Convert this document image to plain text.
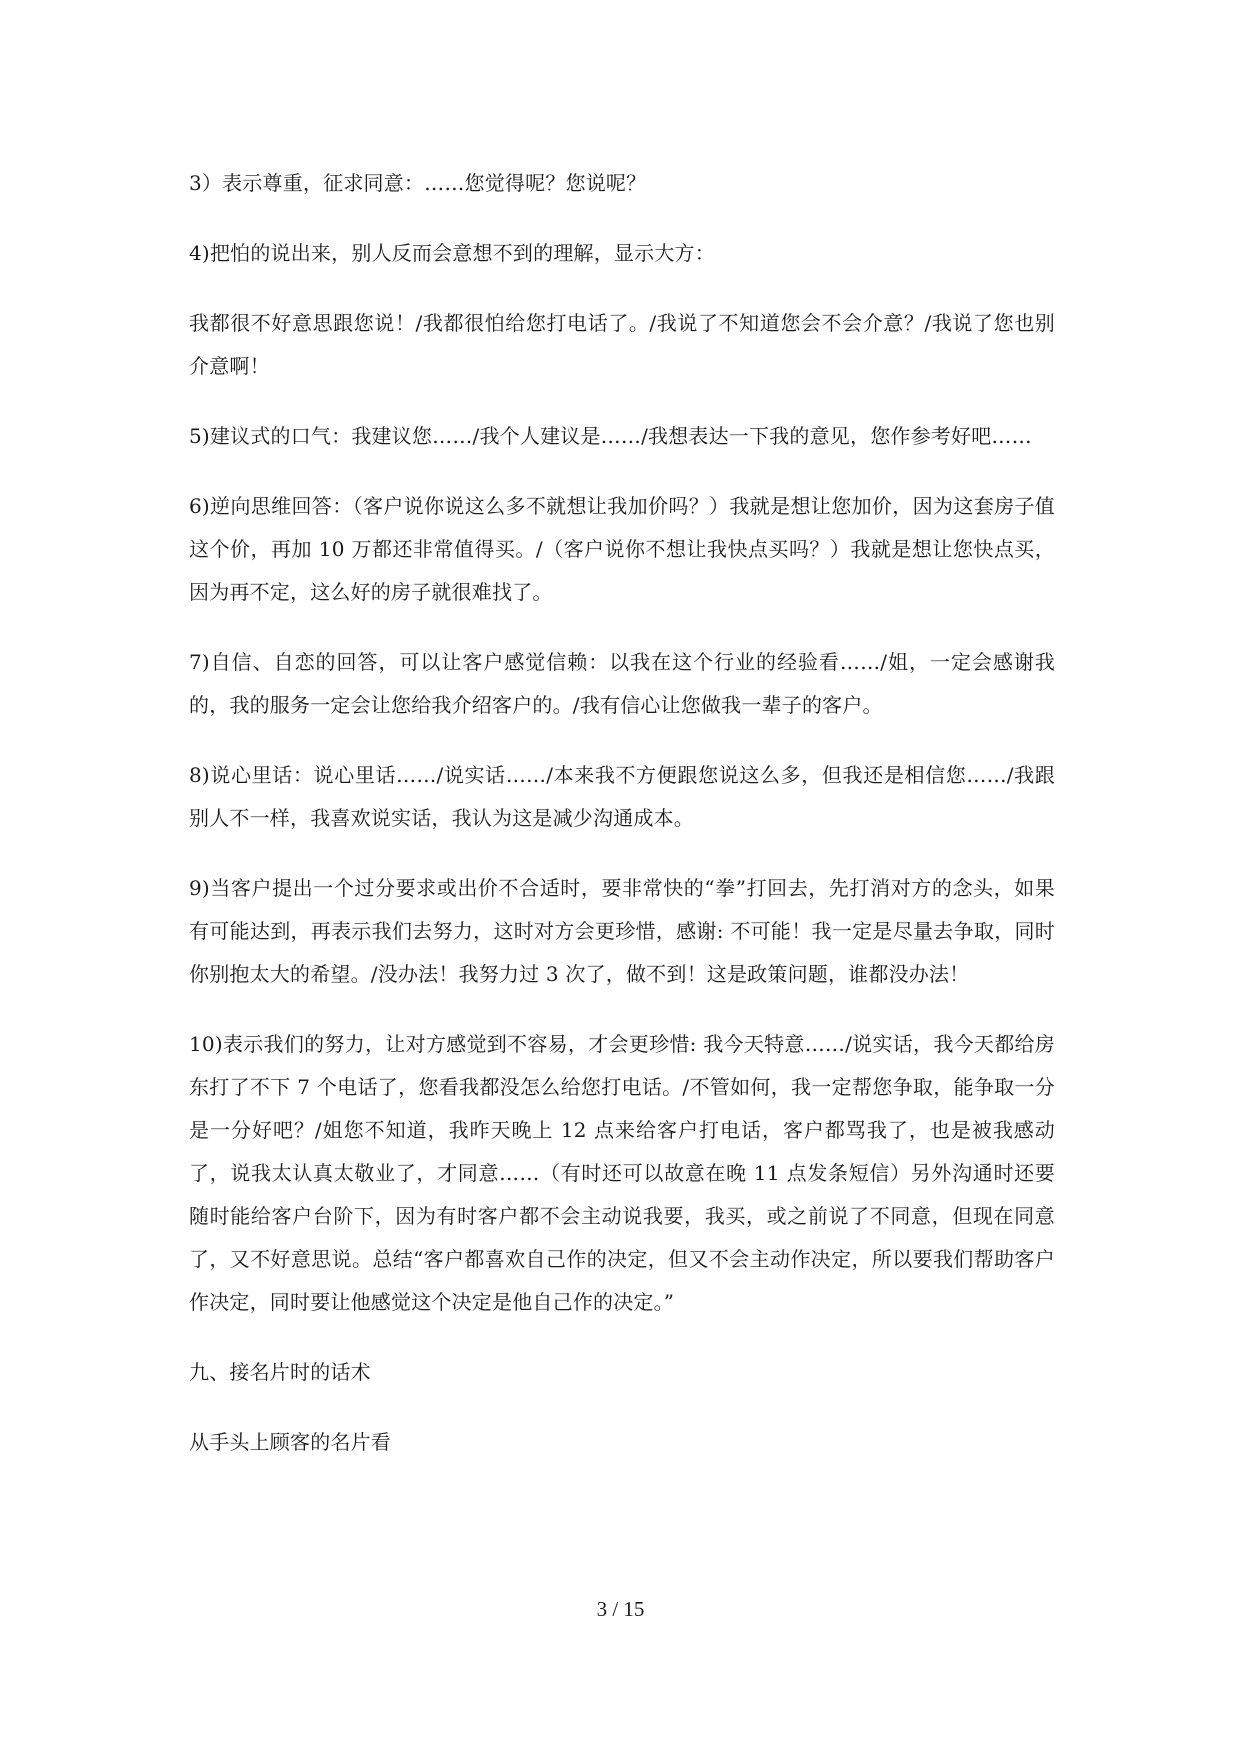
3）表示尊重，征求同意：……您觉得呢？您说呢？

4)把怕的说出来，别人反而会意想不到的理解，显示大方：

我都很不好意思跟您说！/我都很怕给您打电话了。/我说了不知道您会不会介意？/我说了您也别介意啊！

5)建议式的口气：我建议您……/我个人建议是……/我想表达一下我的意见，您作参考好吧……

6)逆向思维回答：（客户说你说这么多不就想让我加价吗？）我就是想让您加价，因为这套房子值这个价，再加 10 万都还非常值得买。/（客户说你不想让我快点买吗？）我就是想让您快点买，因为再不定，这么好的房子就很难找了。

7)自信、自恋的回答，可以让客户感觉信赖：以我在这个行业的经验看……/姐，一定会感谢我的，我的服务一定会让您给我介绍客户的。/我有信心让您做我一辈子的客户。

8)说心里话：说心里话……/说实话……/本来我不方便跟您说这么多，但我还是相信您……/我跟别人不一样，我喜欢说实话，我认为这是减少沟通成本。

9)当客户提出一个过分要求或出价不合适时，要非常快的“拳”打回去，先打消对方的念头，如果有可能达到，再表示我们去努力，这时对方会更珍惜，感谢: 不可能！我一定是尽量去争取，同时你别抱太大的希望。/没办法！我努力过 3 次了，做不到！这是政策问题，谁都没办法！

10)表示我们的努力，让对方感觉到不容易，才会更珍惜: 我今天特意……/说实话，我今天都给房东打了不下 7 个电话了，您看我都没怎么给您打电话。/不管如何，我一定帮您争取，能争取一分是一分好吧？/姐您不知道，我昨天晚上 12 点来给客户打电话，客户都骂我了，也是被我感动了，说我太认真太敬业了，才同意……（有时还可以故意在晚 11 点发条短信）另外沟通时还要随时能给客户台阶下，因为有时客户都不会主动说我要，我买，或之前说了不同意，但现在同意了，又不好意思说。总结“客户都喜欢自己作的决定，但又不会主动作决定，所以要我们帮助客户作决定，同时要让他感觉这个决定是他自己作的决定。”

九、接名片时的话术

从手头上顾客的名片看

3 / 15
